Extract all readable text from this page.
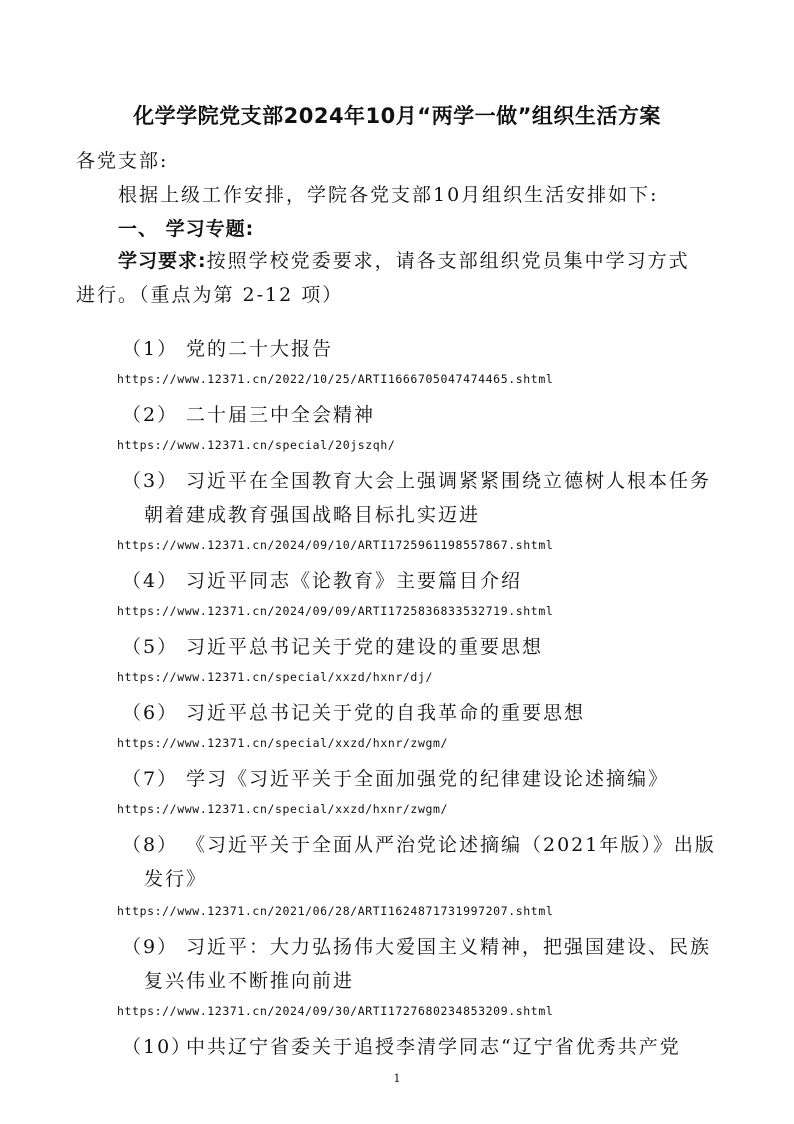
化学学院党支部2024年10月“两学一做”组织生活方案
各党支部:
根据上级工作安排，学院各党支部10月组织生活安排如下:
一、 学习专题:
学习要求:按照学校党委要求，请各支部组织党员集中学习方式
进行。（重点为第 2-12 项）
（1） 党的二十大报告
https://www.12371.cn/2022/10/25/ARTI1666705047474465.shtml
（2） 二十届三中全会精神
https://www.12371.cn/special/20jszqh/
（3） 习近平在全国教育大会上强调紧紧围绕立德树人根本任务
朝着建成教育强国战略目标扎实迈进
https://www.12371.cn/2024/09/10/ARTI1725961198557867.shtml
（4） 习近平同志《论教育》主要篇目介绍
https://www.12371.cn/2024/09/09/ARTI1725836833532719.shtml
（5） 习近平总书记关于党的建设的重要思想
https://www.12371.cn/special/xxzd/hxnr/dj/
（6） 习近平总书记关于党的自我革命的重要思想
https://www.12371.cn/special/xxzd/hxnr/zwgm/
（7） 学习《习近平关于全面加强党的纪律建设论述摘编》
https://www.12371.cn/special/xxzd/hxnr/zwgm/
（8） 《习近平关于全面从严治党论述摘编（2021年版）》出版
发行》
https://www.12371.cn/2021/06/28/ARTI1624871731997207.shtml
（9） 习近平：大力弘扬伟大爱国主义精神，把强国建设、民族
复兴伟业不断推向前进
https://www.12371.cn/2024/09/30/ARTI1727680234853209.shtml
（10）中共辽宁省委关于追授李清学同志“辽宁省优秀共产党
1
